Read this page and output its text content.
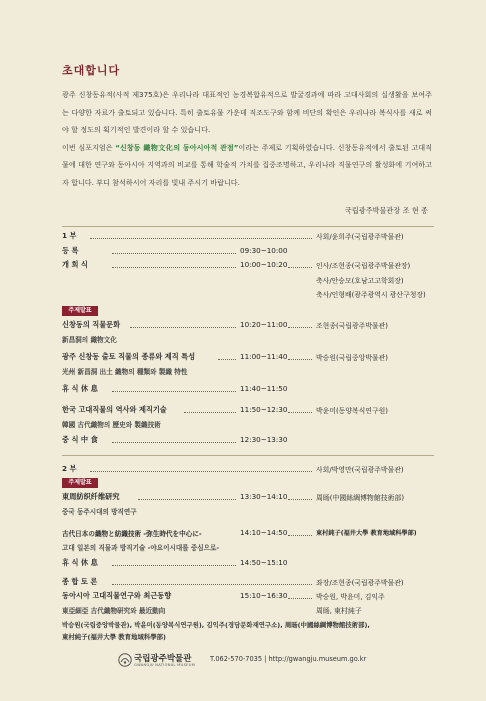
초대합니다
광주 신창동유적(사적 제375호)은 우리나라 대표적인 농경복합유적으로 발굴경과에 따라 고대사회의 실생활을 보여주는 다양한 자료가 출토되고 있습니다. 특히 출토유물 가운데 직조도구와 함께 비단의 확인은 우리나라 복식사를 새로 써야 할 정도의 획기적인 발견이라 할 수 있습니다.
이번 심포지엄은 “신창동 織物文化의 동아시아적 관점”이라는 주제로 기획하였습니다. 신창동유적에서 출토된 고대직물에 대한 연구와 동아시아 지역과의 비교를 통해 학술적 가치를 집중조명하고, 우리나라 직물연구의 활성화에 기여하고자 합니다. 부디 참석하시어 자리를 빛내 주시기 바랍니다.
국립광주박물관장 조 현 종
1 부	사회/윤희주(국립광주박물관)
등 록	09:30~10:00
개 회 식	10:00~10:20	인사/조현종(국립광주박물관장)
축사/안승모(호남고고학회장)
축사/인형배(광주광역시 광산구청장)
주제발표
신창동의 직물문화	10:20~11:00	조현종(국립광주박물관)
新昌洞의 織物文化
광주 신창동 출토 직물의 종류와 제직 특성	11:00~11:40	박승원(국립중앙박물관)
光州 新昌洞 出土 織物의 種類와 製織 特性
휴 식 休 息	11:40~11:50
한국 고대직물의 역사와 제직기술	11:50~12:30	박윤미(동양복식연구원)
韓國 古代織物의 歷史와 製織技術
중 식 中 食	12:30~13:30
2 부	사회/박영만(국립광주박물관)
주제발표
東周紡织纤维研究	13:30~14:10	周旸(中國絲綢博物館技術部)
중국 동주시대의 방직연구
古代日本の織物と紡織技術 -弥生時代を中心に-	14:10~14:50	東村純子(福井大學 教育地域科學部)
고대 일본의 직물과 방직기술 -야요이시대를 중심으로-
휴 식 休 息	14:50~15:10
종 합 토 론	좌장/조현종(국립광주박물관)
동아시아 고대직물연구와 최근동향	15:10~16:30	박승원, 박윤미, 김익주
東亞細亞 古代織物研究와 最近動向	周旸, 東村純子
박승원(국립중앙박물관), 박윤미(동양복식연구원), 김익주(경담문화재연구소), 周旸(中國絲綢博物館技術部),
東村純子(福井大學 教育地域科學部)
국립광주박물관
GWANGJU NATIONAL MUSEUM
T.062-570-7035 | http://gwangju.museum.go.kr
